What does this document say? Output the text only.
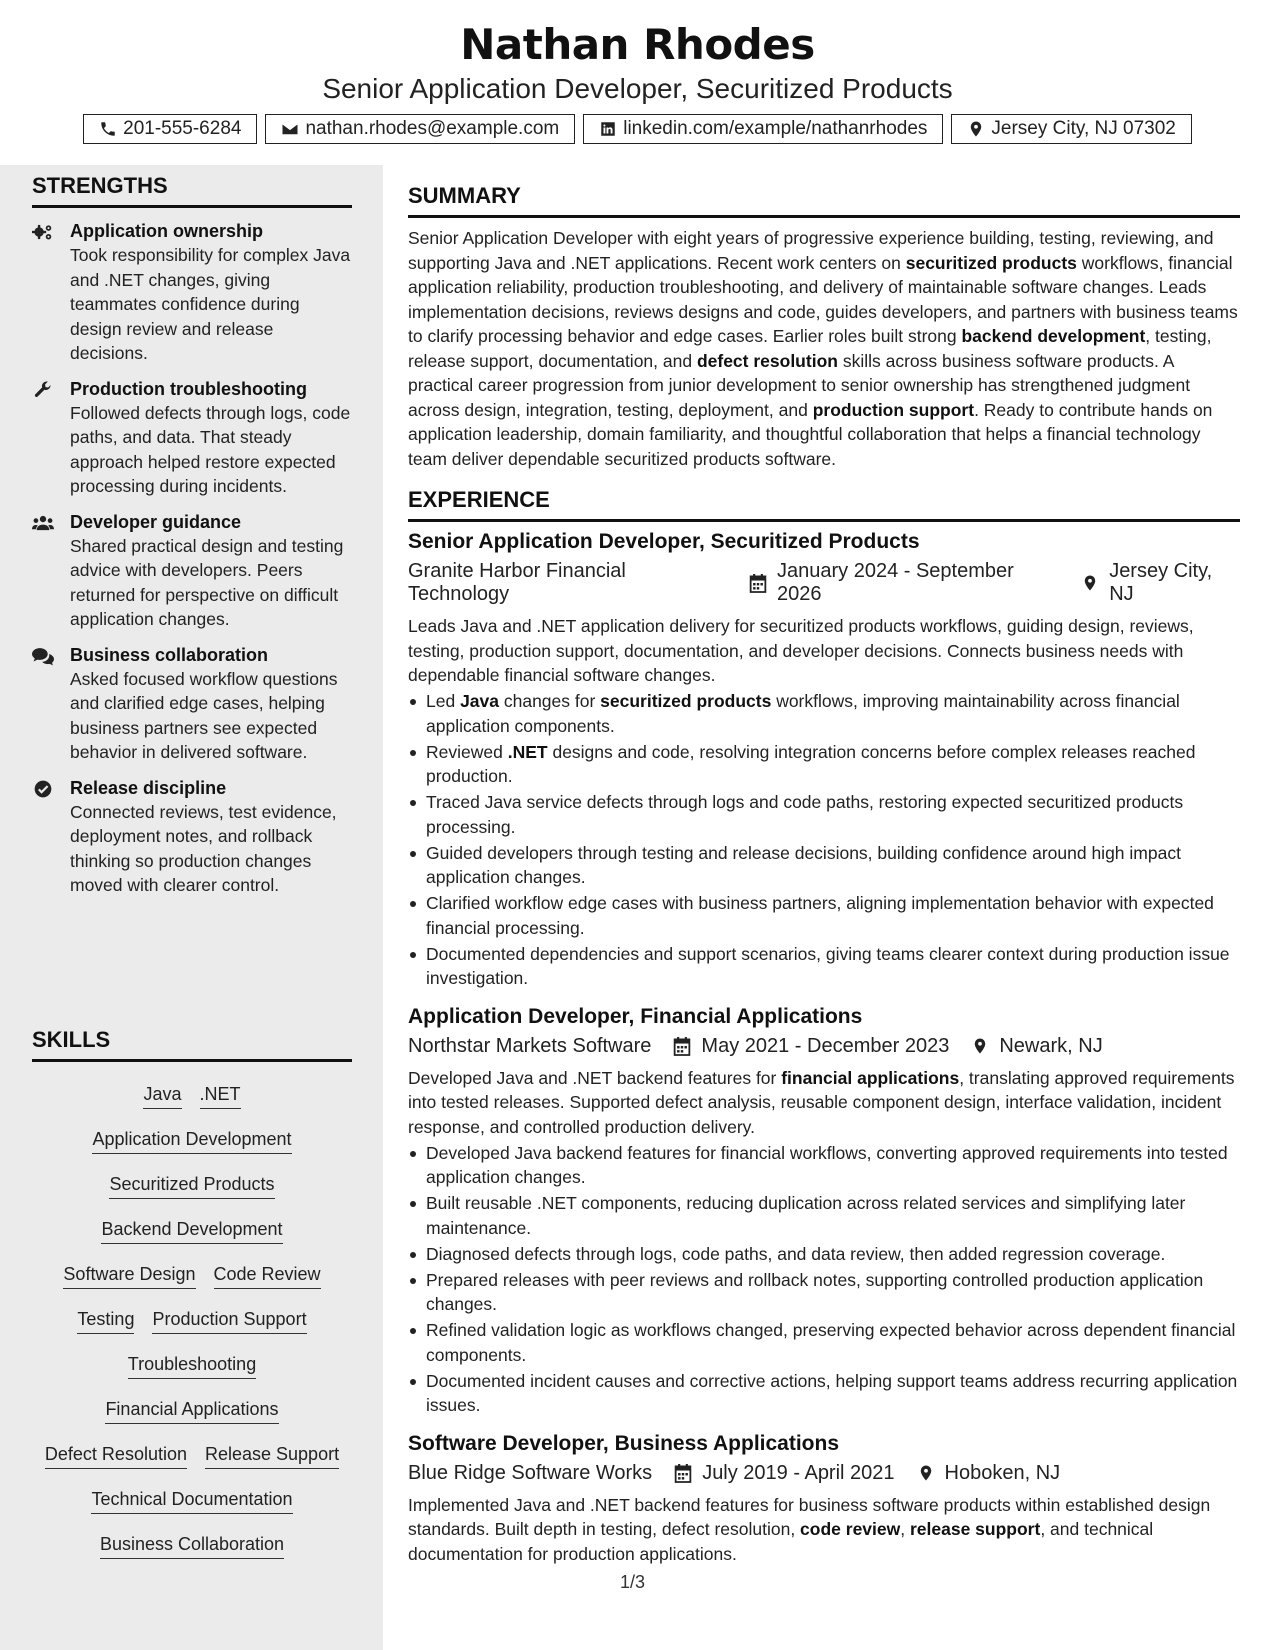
Nathan Rhodes
Senior Application Developer, Securitized Products
201-555-6284	nathan.rhodes@example.com	linkedin.com/example/nathanrhodes	Jersey City, NJ 07302
STRENGTHS
Application ownership
Took responsibility for complex Java and .NET changes, giving teammates confidence during design review and release decisions.
Production troubleshooting
Followed defects through logs, code paths, and data. That steady approach helped restore expected processing during incidents.
Developer guidance
Shared practical design and testing advice with developers. Peers returned for perspective on difficult application changes.
Business collaboration
Asked focused workflow questions and clarified edge cases, helping business partners see expected behavior in delivered software.
Release discipline
Connected reviews, test evidence, deployment notes, and rollback thinking so production changes moved with clearer control.
SKILLS
Java .NET
Application Development
Securitized Products
Backend Development
Software Design Code Review
Testing Production Support
Troubleshooting
Financial Applications
Defect Resolution Release Support
Technical Documentation
Business Collaboration
SUMMARY
Senior Application Developer with eight years of progressive experience building, testing, reviewing, and supporting Java and .NET applications. Recent work centers on securitized products workflows, financial application reliability, production troubleshooting, and delivery of maintainable software changes. Leads implementation decisions, reviews designs and code, guides developers, and partners with business teams to clarify processing behavior and edge cases. Earlier roles built strong backend development, testing, release support, documentation, and defect resolution skills across business software products. A practical career progression from junior development to senior ownership has strengthened judgment across design, integration, testing, deployment, and production support. Ready to contribute hands on application leadership, domain familiarity, and thoughtful collaboration that helps a financial technology team deliver dependable securitized products software.
EXPERIENCE
Senior Application Developer, Securitized Products
Granite Harbor Financial Technology
January 2024 - September 2026
Jersey City, NJ
Leads Java and .NET application delivery for securitized products workflows, guiding design, reviews, testing, production support, documentation, and developer decisions. Connects business needs with dependable financial software changes.
Led Java changes for securitized products workflows, improving maintainability across financial application components.
Reviewed .NET designs and code, resolving integration concerns before complex releases reached production.
Traced Java service defects through logs and code paths, restoring expected securitized products processing.
Guided developers through testing and release decisions, building confidence around high impact application changes.
Clarified workflow edge cases with business partners, aligning implementation behavior with expected financial processing.
Documented dependencies and support scenarios, giving teams clearer context during production issue investigation.
Application Developer, Financial Applications
Northstar Markets Software	May 2021 - December 2023	Newark, NJ
Developed Java and .NET backend features for financial applications, translating approved requirements into tested releases. Supported defect analysis, reusable component design, interface validation, incident response, and controlled production delivery.
Developed Java backend features for financial workflows, converting approved requirements into tested application changes.
Built reusable .NET components, reducing duplication across related services and simplifying later maintenance.
Diagnosed defects through logs, code paths, and data review, then added regression coverage.
Prepared releases with peer reviews and rollback notes, supporting controlled production application changes.
Refined validation logic as workflows changed, preserving expected behavior across dependent financial components.
Documented incident causes and corrective actions, helping support teams address recurring application issues.
Software Developer, Business Applications
Blue Ridge Software Works	July 2019 - April 2021	Hoboken, NJ
Implemented Java and .NET backend features for business software products within established design standards. Built depth in testing, defect resolution, code review, release support, and technical documentation for production applications.
1/3
